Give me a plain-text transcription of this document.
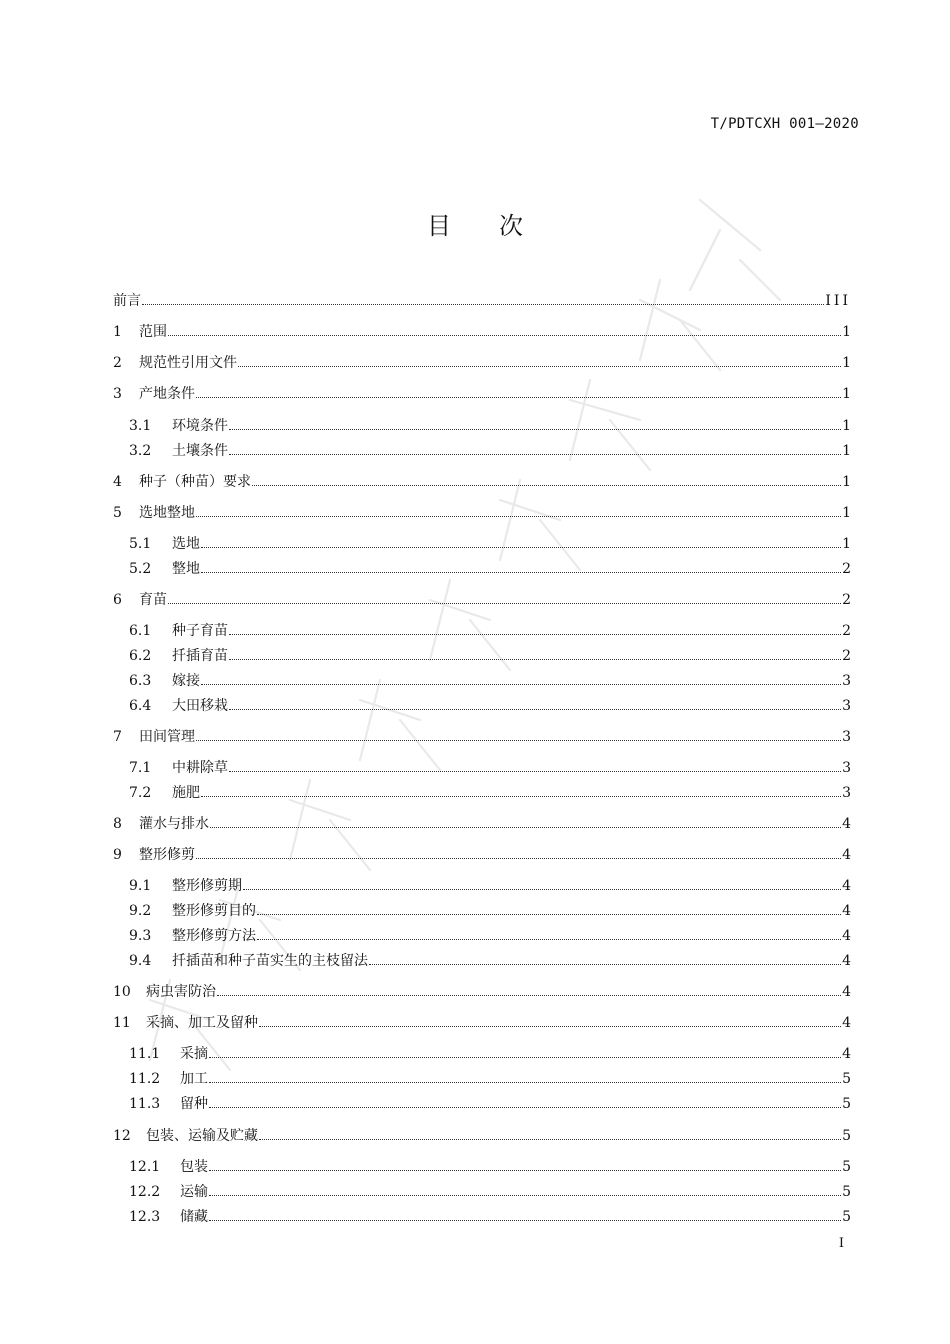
T/PDTCXH 001—2020
目 次
前言	III
1	范围	1
2	规范性引用文件	1
3	产地条件	1
3.1	环境条件	1
3.2	土壤条件	1
4	种子（种苗）要求	1
5	选地整地	1
5.1	选地	1
5.2	整地	2
6	育苗	2
6.1	种子育苗	2
6.2	扦插育苗	2
6.3	嫁接	3
6.4	大田移栽	3
7	田间管理	3
7.1	中耕除草	3
7.2	施肥	3
8	灌水与排水	4
9	整形修剪	4
9.1	整形修剪期	4
9.2	整形修剪目的	4
9.3	整形修剪方法	4
9.4	扦插苗和种子苗实生的主枝留法	4
10	病虫害防治	4
11	采摘、加工及留种	4
11.1	采摘	4
11.2	加工	5
11.3	留种	5
12	包装、运输及贮藏	5
12.1	包装	5
12.2	运输	5
12.3	储藏	5
I
